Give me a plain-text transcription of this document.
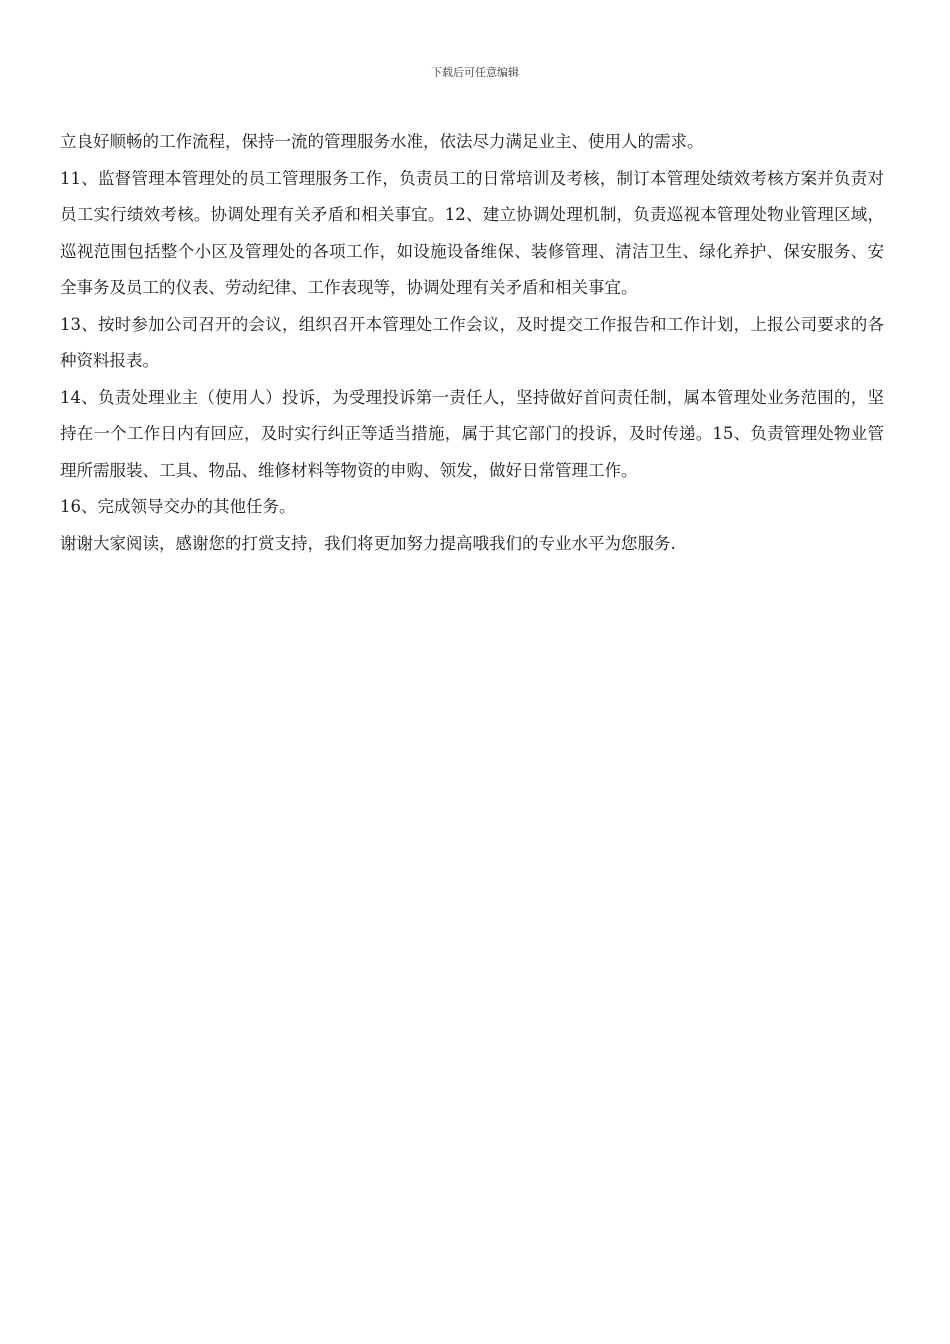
下载后可任意编辑

立良好顺畅的工作流程，保持一流的管理服务水准，依法尽力满足业主、使用人的需求。

11、监督管理本管理处的员工管理服务工作，负责员工的日常培训及考核，制订本管理处绩效考核方案并负责对员工实行绩效考核。协调处理有关矛盾和相关事宜。12、建立协调处理机制，负责巡视本管理处物业管理区域，巡视范围包括整个小区及管理处的各项工作，如设施设备维保、装修管理、清洁卫生、绿化养护、保安服务、安全事务及员工的仪表、劳动纪律、工作表现等，协调处理有关矛盾和相关事宜。

13、按时参加公司召开的会议，组织召开本管理处工作会议，及时提交工作报告和工作计划，上报公司要求的各种资料报表。

14、负责处理业主（使用人）投诉，为受理投诉第一责任人，坚持做好首问责任制，属本管理处业务范围的，坚持在一个工作日内有回应，及时实行纠正等适当措施，属于其它部门的投诉，及时传递。15、负责管理处物业管理所需服装、工具、物品、维修材料等物资的申购、领发，做好日常管理工作。

16、完成领导交办的其他任务。

谢谢大家阅读，感谢您的打赏支持，我们将更加努力提高哦我们的专业水平为您服务.
